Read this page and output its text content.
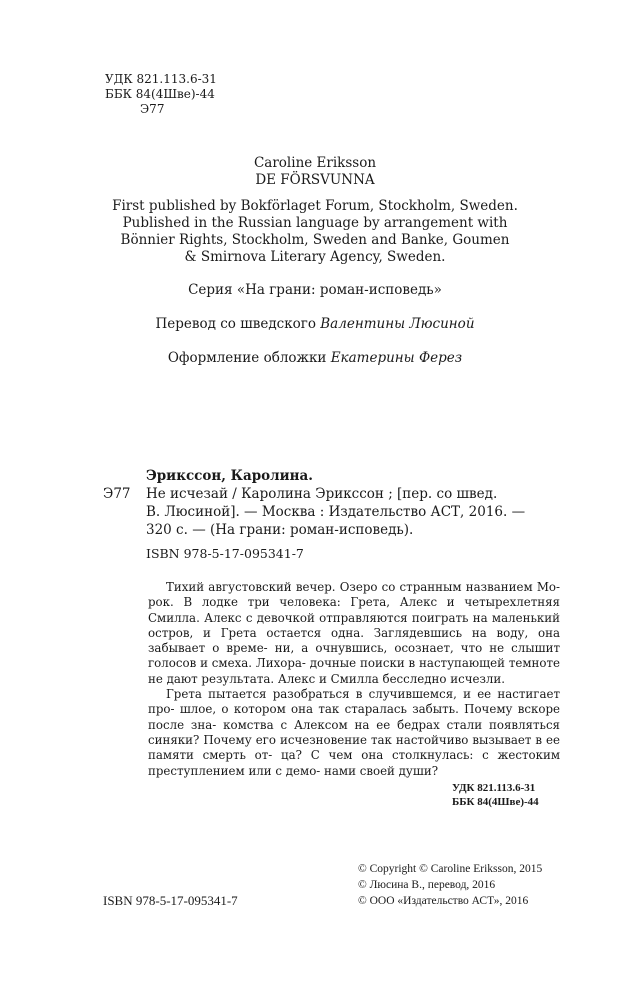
УДК 821.113.6-31
ББК 84(4Шве)-44
Э77
Caroline Eriksson
DE FÖRSVUNNA
First published by Bokförlaget Forum, Stockholm, Sweden.
Published in the Russian language by arrangement with
Bönnier Rights, Stockholm, Sweden and Banke, Goumen
& Smirnova Literary Agency, Sweden.
Серия «На грани: роман-исповедь»
Перевод со шведского Валентины Люсиной
Оформление обложки Екатерины Ферез
Эрикссон, Каролина.
Э77	Не исчезай / Каролина Эрикссон ; [пер. со швед.
В. Люсиной]. — Москва : Издательство АСТ, 2016. —
320 с. — (На грани: роман-исповедь).
ISBN 978-5-17-095341-7

Тихий августовский вечер. Озеро со странным названием Мо- рок. В лодке три человека: Грета, Алекс и четырехлетняя Смилла. Алекс с девочкой отправляются поиграть на маленький остров, и Грета остается одна. Заглядевшись на воду, она забывает о време- ни, а очнувшись, осознает, что не слышит голосов и смеха. Лихора- дочные поиски в наступающей темноте не дают результата. Алекс и Смилла бесследно исчезли.

Грета пытается разобраться в случившемся, и ее настигает про- шлое, о котором она так старалась забыть. Почему вскоре после зна- комства с Алексом на ее бедрах стали появляться синяки? Почему его исчезновение так настойчиво вызывает в ее памяти смерть от- ца? С чем она столкнулась: с жестоким преступлением или с демо- нами своей души?

УДК 821.113.6-31
ББК 84(4Шве)-44
ISBN 978-5-17-095341-7
© Copyright © Caroline Eriksson, 2015
© Люсина В., перевод, 2016
© ООО «Издательство АСТ», 2016
